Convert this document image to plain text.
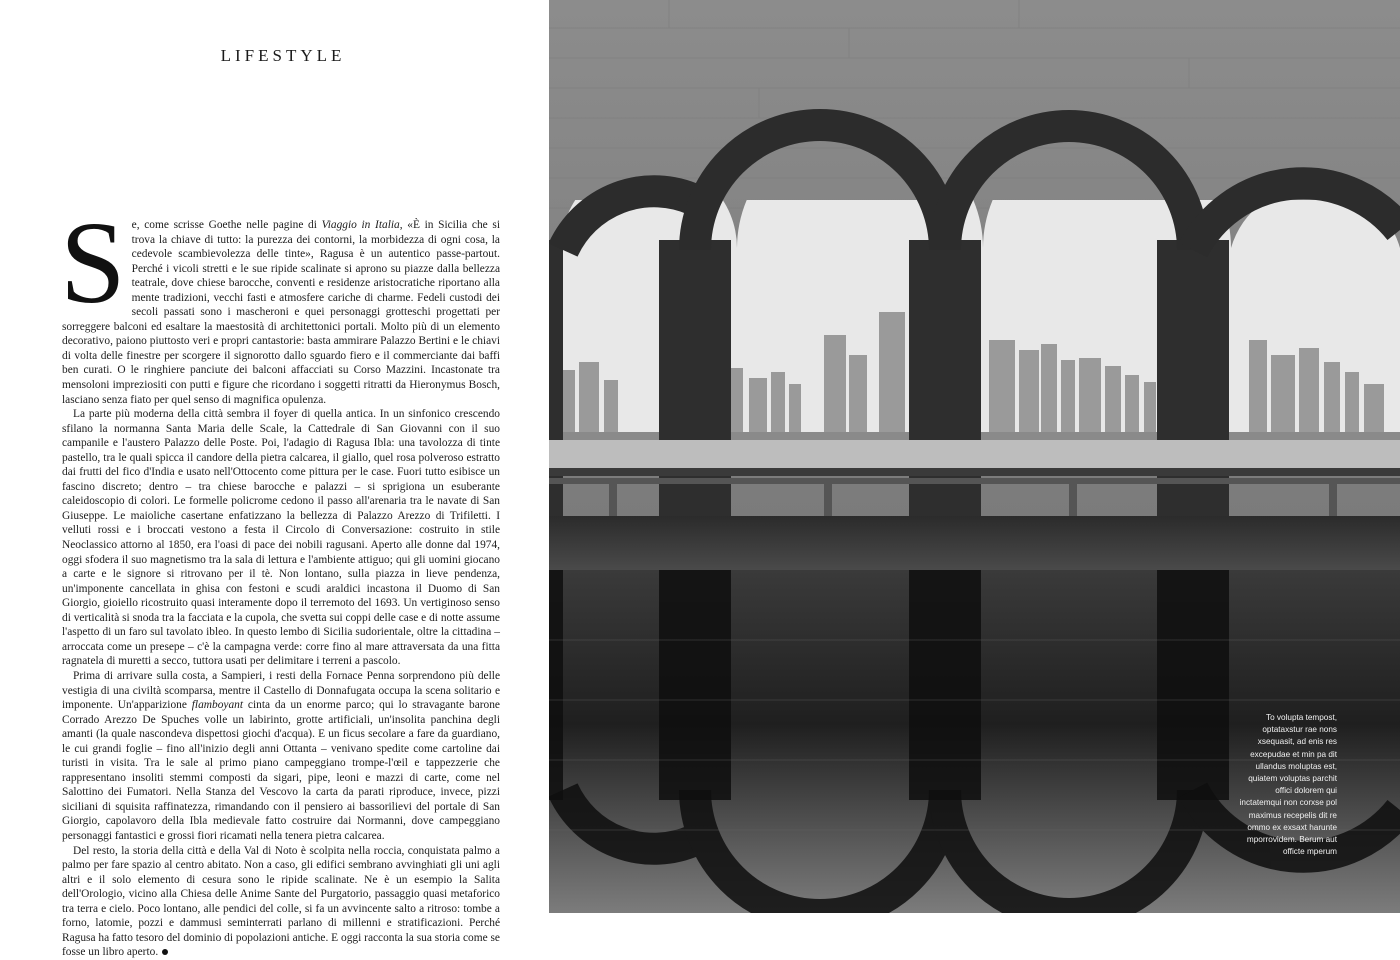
LIFESTYLE

Se, come scrisse Goethe nelle pagine di Viaggio in Italia, «È in Sicilia che si trova la chiave di tutto: la purezza dei contorni, la morbidezza di ogni cosa, la cedevole scambievolezza delle tinte», Ragusa è un autentico passe-partout. Perché i vicoli stretti e le sue ripide scalinate si aprono su piazze dalla bellezza teatrale, dove chiese barocche, conventi e residenze aristocratiche riportano alla mente tradizioni, vecchi fasti e atmosfere cariche di charme. Fedeli custodi dei secoli passati sono i mascheroni e quei personaggi grotteschi progettati per sorreggere balconi ed esaltare la maestosità di architettonici portali. Molto più di un elemento decorativo, paiono piuttosto veri e propri cantastorie: basta ammirare Palazzo Bertini e le chiavi di volta delle finestre per scorgere il signorotto dallo sguardo fiero e il commerciante dai baffi ben curati. O le ringhiere panciute dei balconi affacciati su Corso Mazzini. Incastonate tra mensoloni impreziositi con putti e figure che ricordano i soggetti ritratti da Hieronymus Bosch, lasciano senza fiato per quel senso di magnifica opulenza.

La parte più moderna della città sembra il foyer di quella antica. In un sinfonico crescendo sfilano la normanna Santa Maria delle Scale, la Cattedrale di San Giovanni con il suo campanile e l'austero Palazzo delle Poste. Poi, l'adagio di Ragusa Ibla: una tavolozza di tinte pastello, tra le quali spicca il candore della pietra calcarea, il giallo, quel rosa polveroso estratto dai frutti del fico d'India e usato nell'Ottocento come pittura per le case. Fuori tutto esibisce un fascino discreto; dentro – tra chiese barocche e palazzi – si sprigiona un esuberante caleidoscopio di colori. Le formelle policrome cedono il passo all'arenaria tra le navate di San Giuseppe. Le maioliche casertane enfatizzano la bellezza di Palazzo Arezzo di Trifiletti. I velluti rossi e i broccati vestono a festa il Circolo di Conversazione: costruito in stile Neoclassico attorno al 1850, era l'oasi di pace dei nobili ragusani. Aperto alle donne dal 1974, oggi sfodera il suo magnetismo tra la sala di lettura e l'ambiente attiguo; qui gli uomini giocano a carte e le signore si ritrovano per il tè. Non lontano, sulla piazza in lieve pendenza, un'imponente cancellata in ghisa con festoni e scudi araldici incastona il Duomo di San Giorgio, gioiello ricostruito quasi interamente dopo il terremoto del 1693. Un vertiginoso senso di verticalità si snoda tra la facciata e la cupola, che svetta sui coppi delle case e di notte assume l'aspetto di un faro sul tavolato ibleo. In questo lembo di Sicilia sudorientale, oltre la cittadina – arroccata come un presepe – c'è la campagna verde: corre fino al mare attraversata da una fitta ragnatela di muretti a secco, tuttora usati per delimitare i terreni a pascolo.

Prima di arrivare sulla costa, a Sampieri, i resti della Fornace Penna sorprendono più delle vestigia di una civiltà scomparsa, mentre il Castello di Donnafugata occupa la scena solitario e imponente. Un'apparizione flamboyant cinta da un enorme parco; qui lo stravagante barone Corrado Arezzo De Spuches volle un labirinto, grotte artificiali, un'insolita panchina degli amanti (la quale nascondeva dispettosi giochi d'acqua). E un ficus secolare a fare da guardiano, le cui grandi foglie – fino all'inizio degli anni Ottanta – venivano spedite come cartoline dai turisti in visita. Tra le sale al primo piano campeggiano trompe-l'œil e tappezzerie che rappresentano insoliti stemmi composti da sigari, pipe, leoni e mazzi di carte, come nel Salottino dei Fumatori. Nella Stanza del Vescovo la carta da parati riproduce, invece, pizzi siciliani di squisita raffinatezza, rimandando con il pensiero ai bassorilievi del portale di San Giorgio, capolavoro della Ibla medievale fatto costruire dai Normanni, dove campeggiano personaggi fantastici e grossi fiori ricamati nella tenera pietra calcarea.

Del resto, la storia della città e della Val di Noto è scolpita nella roccia, conquistata palmo a palmo per fare spazio al centro abitato. Non a caso, gli edifici sembrano avvinghiati gli uni agli altri e il solo elemento di cesura sono le ripide scalinate. Ne è un esempio la Salita dell'Orologio, vicino alla Chiesa delle Anime Sante del Purgatorio, passaggio quasi metaforico tra terra e cielo. Poco lontano, alle pendici del colle, si fa un avvincente salto a ritroso: tombe a forno, latomie, pozzi e dammusi seminterrati parlano di millenni e stratificazioni. Perché Ragusa ha fatto tesoro del dominio di popolazioni antiche. E oggi racconta la sua storia come se fosse un libro aperto.

To volupta tempost, optataxstur rae nons xsequasit, ad enis res excepudae et min pa dit ullandus moluptas est, quiatem voluptas parchit offici dolorem qui inctatemqui non corxse pol maximus recepelis dit re ommo ex exsaxt harunte mporrovidem. Berum aut officte mperum
